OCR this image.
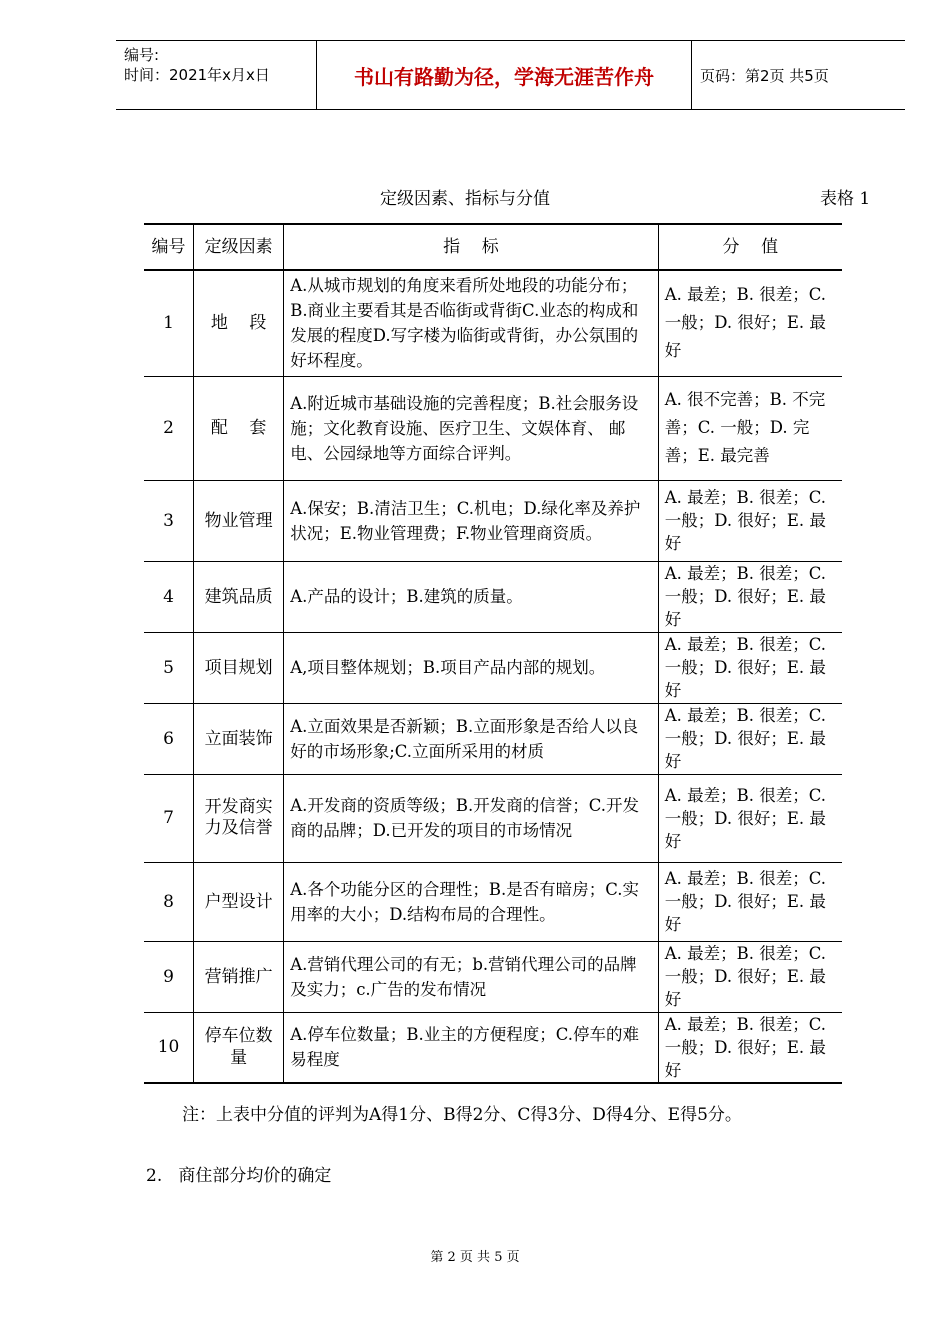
编号:
时间：2021年x月x日	书山有路勤为径，学海无涯苦作舟	页码：第2页 共5页
定级因素、指标与分值	表格 1
编号	定级因素	指    标	分    值
1	地    段	A.从城市规划的角度来看所处地段的功能分布；B.商业主要看其是否临街或背街C.业态的构成和发展的程度D.写字楼为临街或背街，办公氛围的好坏程度。	A. 最差；B. 很差；C. 一般；D. 很好；E. 最好
2	配    套	A.附近城市基础设施的完善程度；B.社会服务设施；文化教育设施、医疗卫生、文娱体育、 邮电、公园绿地等方面综合评判。	A. 很不完善；B. 不完善；C. 一般；D. 完善；E. 最完善
3	物业管理	A.保安；B.清洁卫生；C.机电；D.绿化率及养护状况；E.物业管理费；F.物业管理商资质。	A. 最差；B. 很差；C. 一般；D. 很好；E. 最好
4	建筑品质	A.产品的设计；B.建筑的质量。	A. 最差；B. 很差；C. 一般；D. 很好；E. 最好
5	项目规划	A,项目整体规划；B.项目产品内部的规划。	A. 最差；B. 很差；C. 一般；D. 很好；E. 最好
6	立面装饰	A.立面效果是否新颖；B.立面形象是否给人以良好的市场形象;C.立面所采用的材质	A. 最差；B. 很差；C. 一般；D. 很好；E. 最好
7	开发商实力及信誉	A.开发商的资质等级；B.开发商的信誉；C.开发商的品牌；D.已开发的项目的市场情况	A. 最差；B. 很差；C. 一般；D. 很好；E. 最好
8	户型设计	A.各个功能分区的合理性；B.是否有暗房；C.实用率的大小；D.结构布局的合理性。	A. 最差；B. 很差；C. 一般；D. 很好；E. 最好
9	营销推广	A.营销代理公司的有无；b.营销代理公司的品牌及实力；c.广告的发布情况	A. 最差；B. 很差；C. 一般；D. 很好；E. 最好
10	停车位数量	A.停车位数量；B.业主的方便程度；C.停车的难易程度	A. 最差；B. 很差；C. 一般；D. 很好；E. 最好
注：上表中分值的评判为A得1分、B得2分、C得3分、D得4分、E得5分。
2.   商住部分均价的确定
第 2 页 共 5 页
